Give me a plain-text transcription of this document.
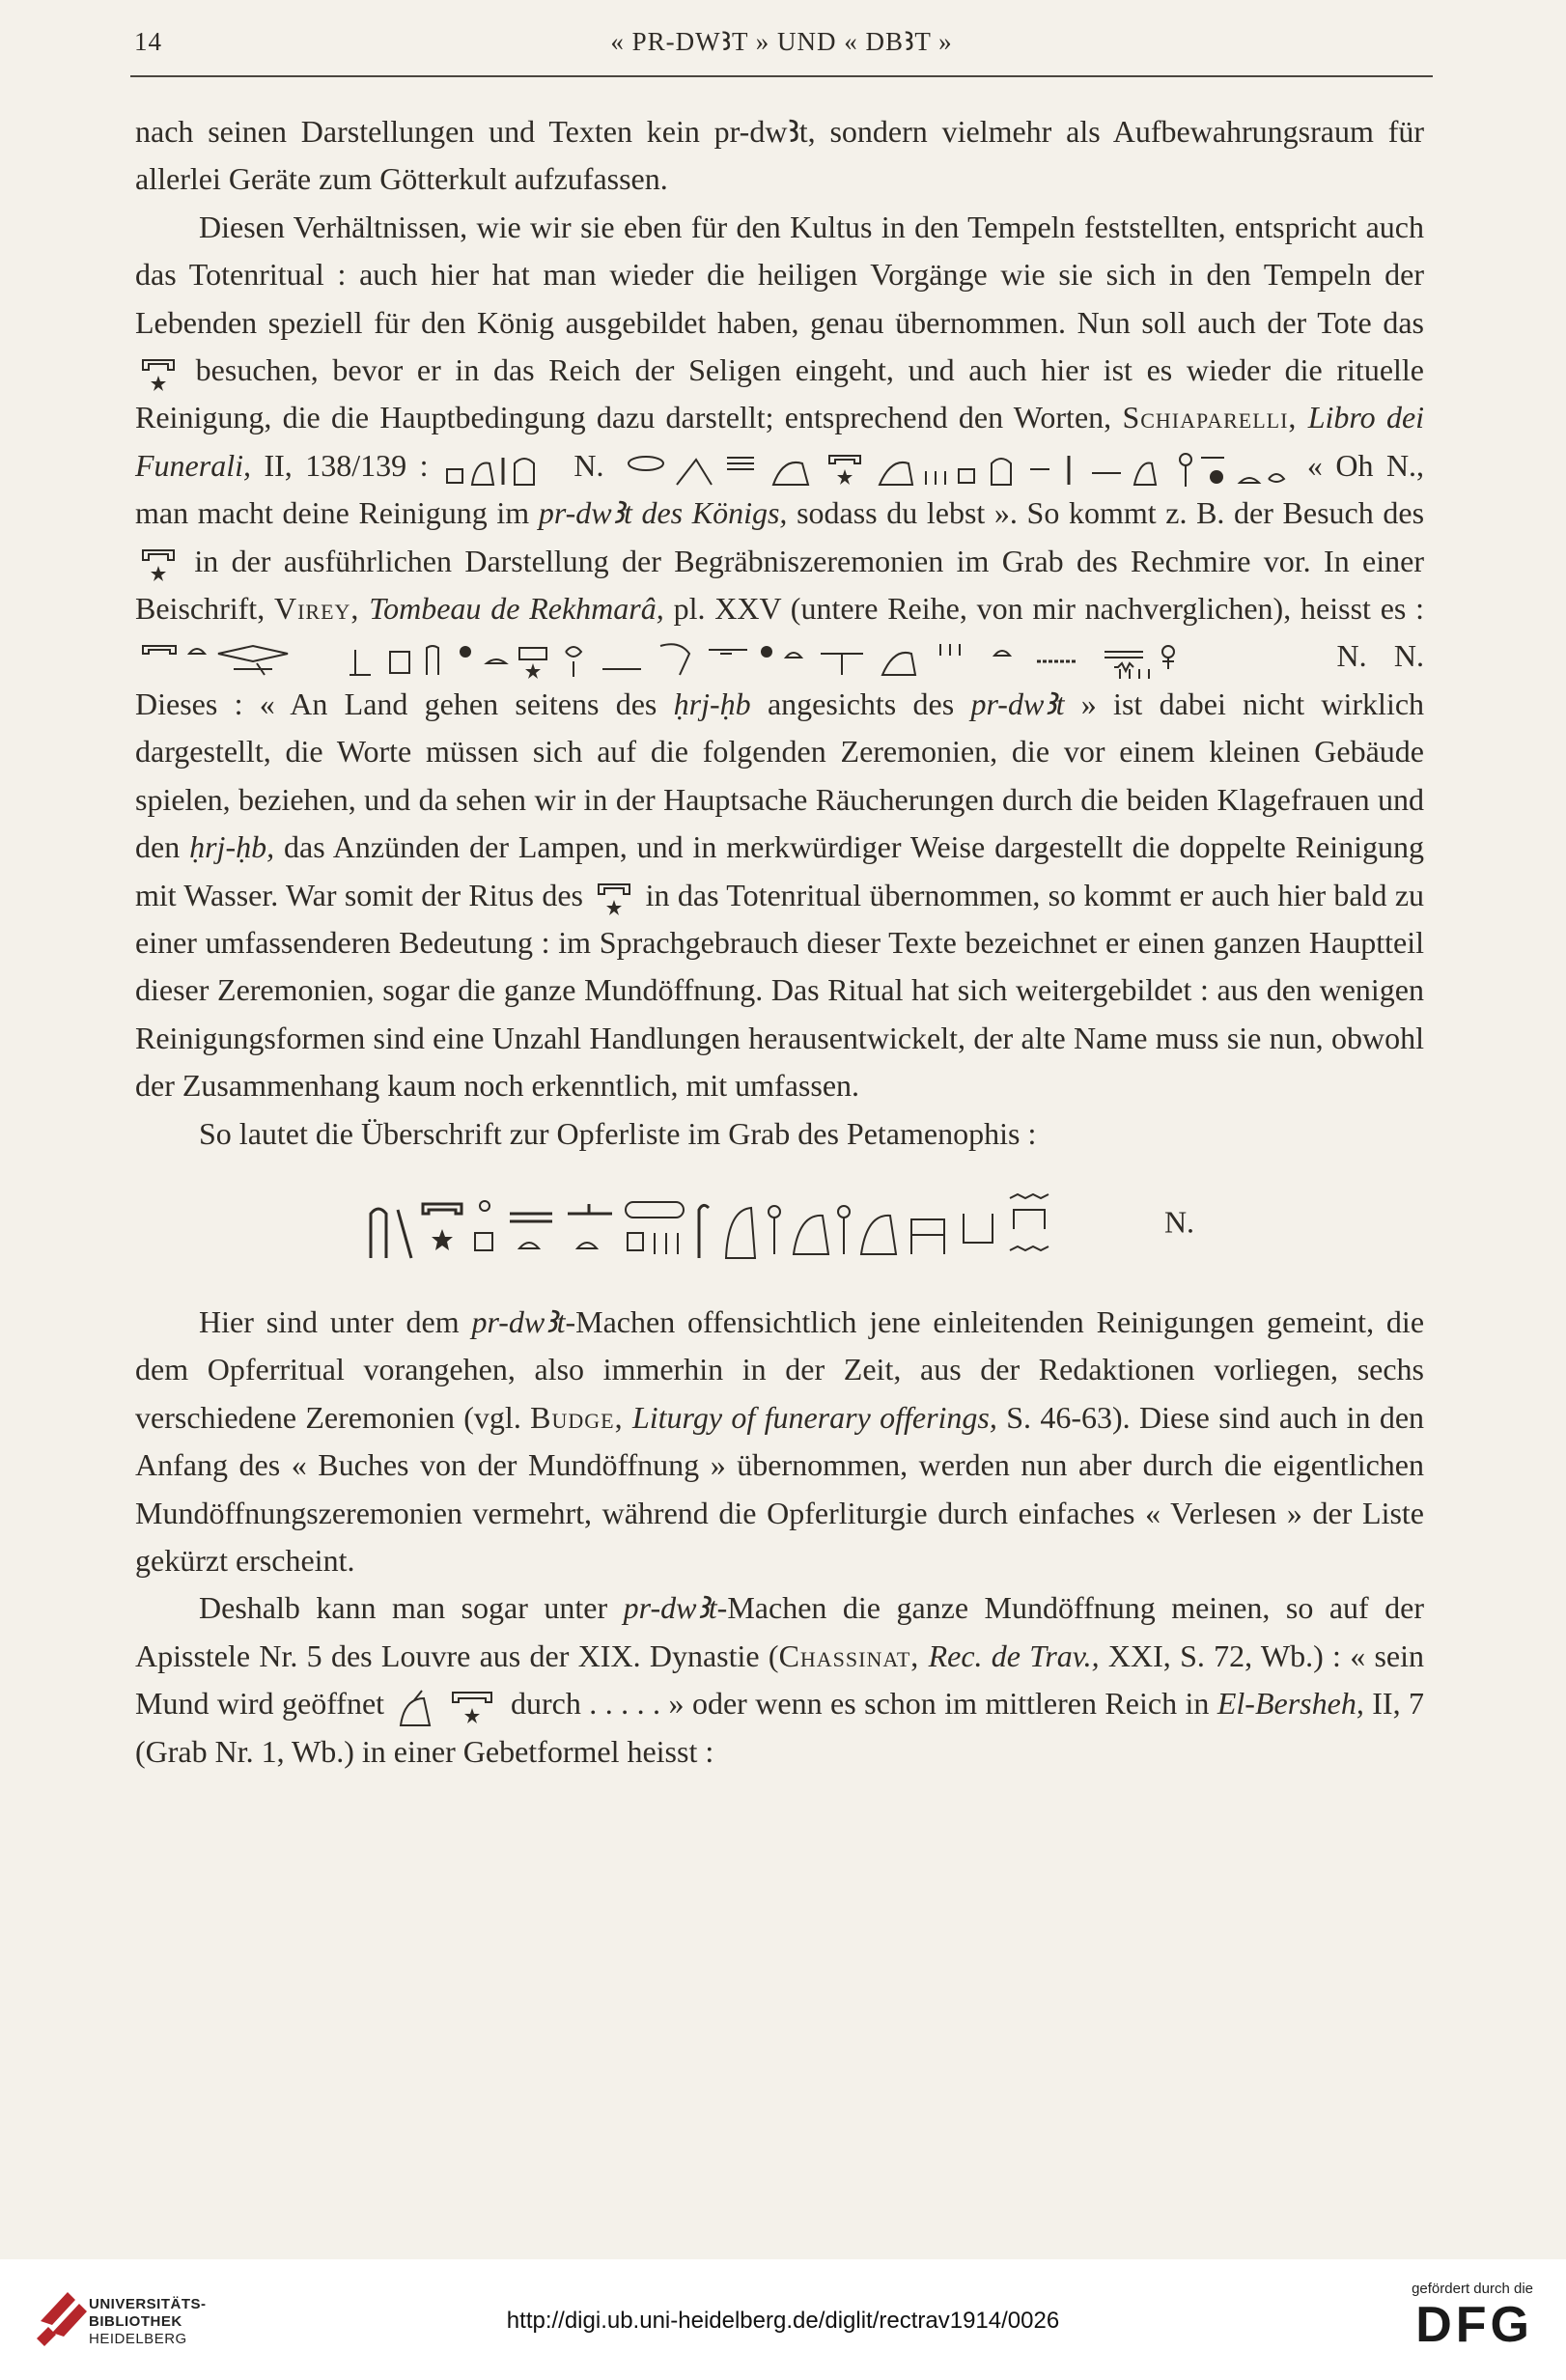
14	« PR-DWꜢT » UND « DBꜢT »

nach seinen Darstellungen und Texten kein pr-dwꜢt, sondern vielmehr als Aufbewahrungsraum für allerlei Geräte zum Götterkult aufzufassen.

Diesen Verhältnissen, wie wir sie eben für den Kultus in den Tempeln feststellten, entspricht auch das Totenritual : auch hier hat man wieder die heiligen Vorgänge wie sie sich in den Tempeln der Lebenden speziell für den König ausgebildet haben, genau übernommen. Nun soll auch der Tote das  besuchen, bevor er in das Reich der Seligen eingeht, und auch hier ist es wieder die rituelle Reinigung, die die Hauptbedingung dazu darstellt; entsprechend den Worten, Schiaparelli, Libro dei Funerali, II, 138/139 :	N.	« Oh N., man macht deine Reinigung im pr-dwꜢt des Königs, sodass du lebst ». So kommt z. B. der Besuch des  in der ausführlichen Darstellung der Begräbniszeremonien im Grab des Rechmire vor. In einer Beischrift, Virey, Tombeau de Rekhmarâ, pl. XXV (untere Reihe, von mir nachverglichen), heisst es :   N. N. Dieses : « An Land gehen seitens des ḥrj-ḥb angesichts des pr-dwꜢt » ist dabei nicht wirklich dargestellt, die Worte müssen sich auf die folgenden Zeremonien, die vor einem kleinen Gebäude spielen, beziehen, und da sehen wir in der Hauptsache Räucherungen durch die beiden Klagefrauen und den ḥrj-ḥb, das Anzünden der Lampen, und in merkwürdiger Weise dargestellt die doppelte Reinigung mit Wasser. War somit der Ritus des in das Totenritual übernommen, so kommt er auch hier bald zu einer umfassenderen Bedeutung : im Sprachgebrauch dieser Texte bezeichnet er einen ganzen Hauptteil dieser Zeremonien, sogar die ganze Mundöffnung. Das Ritual hat sich weitergebildet : aus den wenigen Reinigungsformen sind eine Unzahl Handlungen herausentwickelt, der alte Name muss sie nun, obwohl der Zusammenhang kaum noch erkenntlich, mit umfassen.

So lautet die Überschrift zur Opferliste im Grab des Petamenophis :

N.

Hier sind unter dem pr-dwꜢt-Machen offensichtlich jene einleitenden Reinigungen gemeint, die dem Opferritual vorangehen, also immerhin in der Zeit, aus der Redaktionen vorliegen, sechs verschiedene Zeremonien (vgl. Budge, Liturgy of funerary offerings, S. 46-63). Diese sind auch in den Anfang des « Buches von der Mundöffnung » übernommen, werden nun aber durch die eigentlichen Mundöffnungszeremonien vermehrt, während die Opferliturgie durch einfaches « Verlesen » der Liste gekürzt erscheint.

Deshalb kann man sogar unter pr-dwꜢt-Machen die ganze Mundöffnung meinen, so auf der Apisstele Nr. 5 des Louvre aus der XIX. Dynastie (Chassinat, Rec. de Trav., XXI, S. 72, Wb.) : « sein Mund wird geöffnet	durch . . . . . » oder wenn es schon im mittleren Reich in El-Bersheh, II, 7 (Grab Nr. 1, Wb.) in einer Gebetformel heisst :

UNIVERSITÄTS-
BIBLIOTHEK
HEIDELBERG
http://digi.ub.uni-heidelberg.de/diglit/rectrav1914/0026
gefördert durch die
DFG
